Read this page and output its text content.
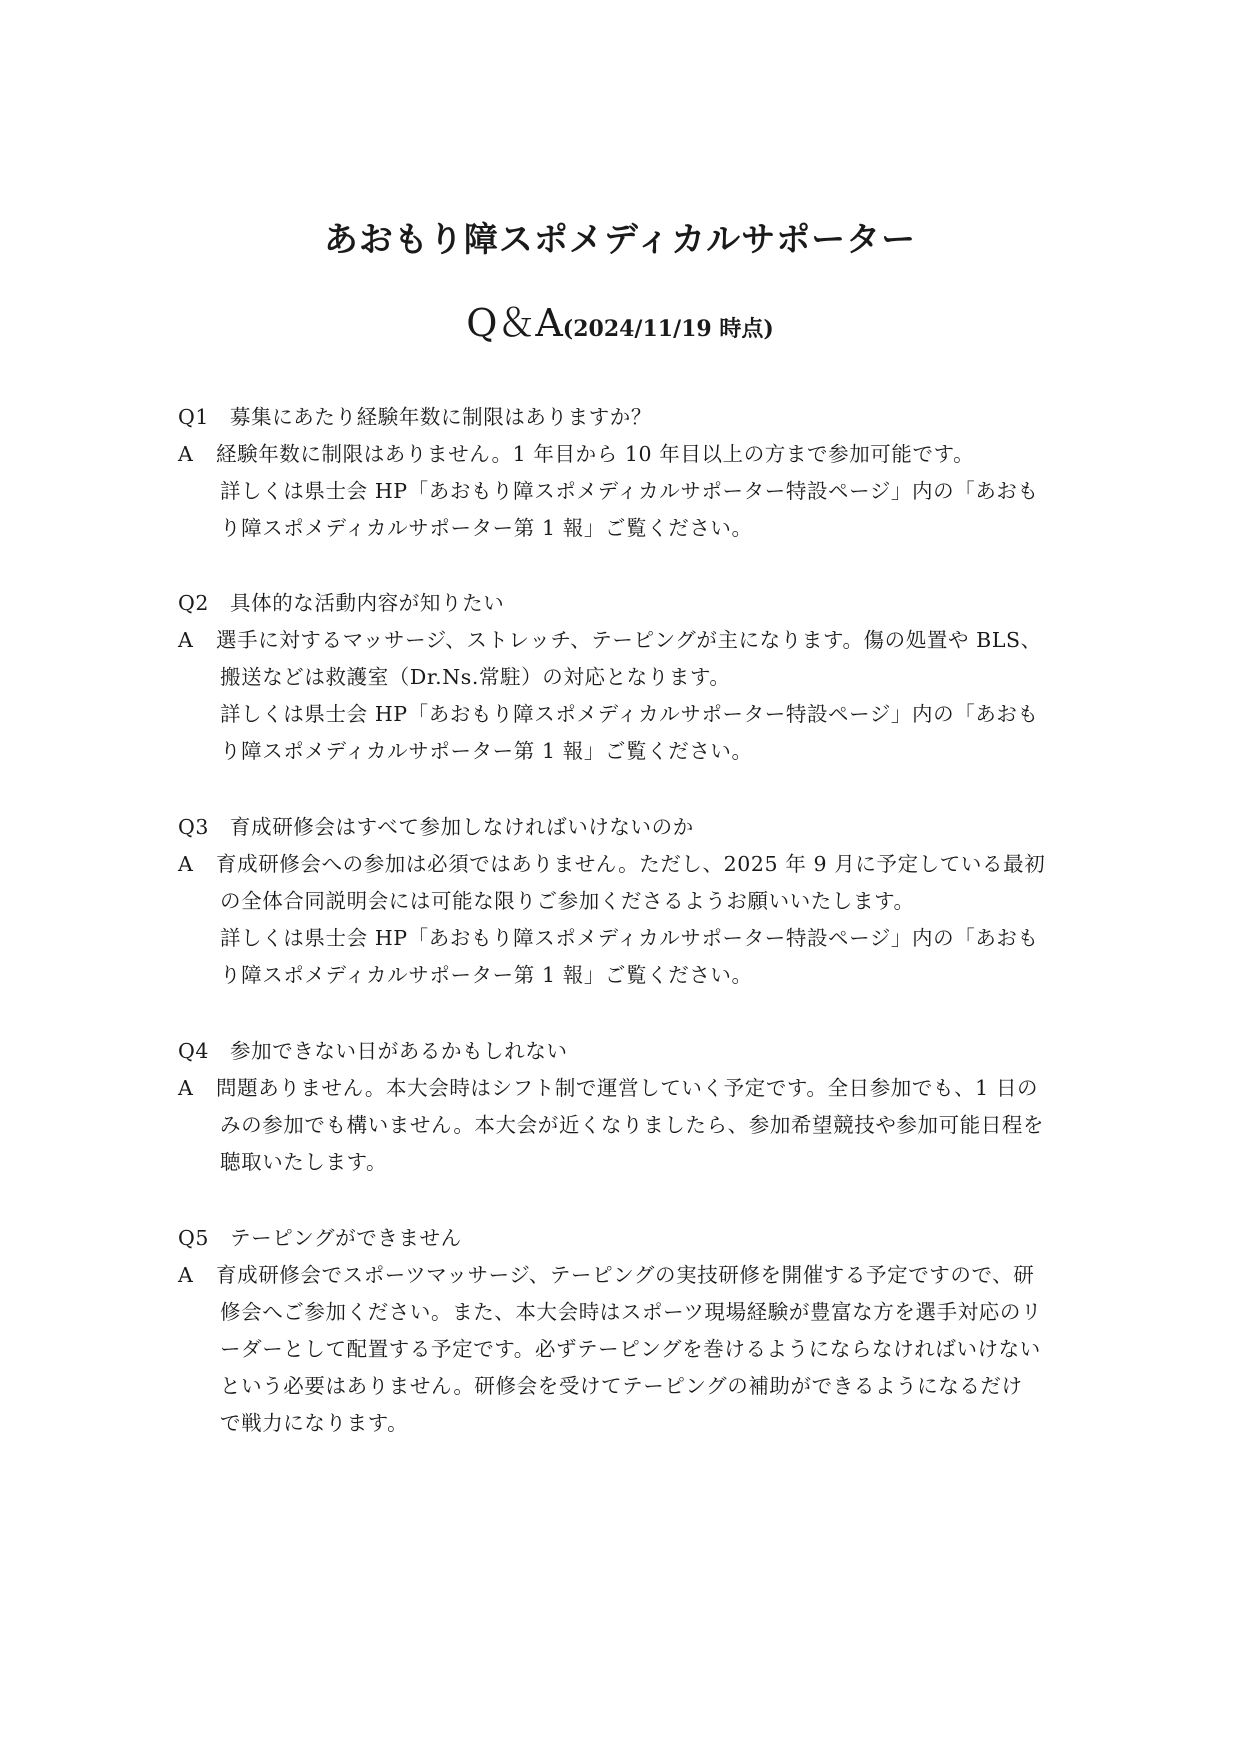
あおもり障スポメディカルサポーター
Q＆A(2024/11/19 時点)
Q1 募集にあたり経験年数に制限はありますか？
A 経験年数に制限はありません。1 年目から 10 年目以上の方まで参加可能です。
詳しくは県士会 HP「あおもり障スポメディカルサポーター特設ページ」内の「あおも
り障スポメディカルサポーター第 1 報」ご覧ください。
Q2 具体的な活動内容が知りたい
A 選手に対するマッサージ、ストレッチ、テーピングが主になります。傷の処置や BLS、
搬送などは救護室（Dr.Ns.常駐）の対応となります。
詳しくは県士会 HP「あおもり障スポメディカルサポーター特設ページ」内の「あおも
り障スポメディカルサポーター第 1 報」ご覧ください。
Q3 育成研修会はすべて参加しなければいけないのか
A 育成研修会への参加は必須ではありません。ただし、2025 年 9 月に予定している最初
の全体合同説明会には可能な限りご参加くださるようお願いいたします。
詳しくは県士会 HP「あおもり障スポメディカルサポーター特設ページ」内の「あおも
り障スポメディカルサポーター第 1 報」ご覧ください。
Q4 参加できない日があるかもしれない
A 問題ありません。本大会時はシフト制で運営していく予定です。全日参加でも、1 日の
みの参加でも構いません。本大会が近くなりましたら、参加希望競技や参加可能日程を
聴取いたします。
Q5 テーピングができません
A 育成研修会でスポーツマッサージ、テーピングの実技研修を開催する予定ですので、研
修会へご参加ください。また、本大会時はスポーツ現場経験が豊富な方を選手対応のリ
ーダーとして配置する予定です。必ずテーピングを巻けるようにならなければいけない
という必要はありません。研修会を受けてテーピングの補助ができるようになるだけ
で戦力になります。
